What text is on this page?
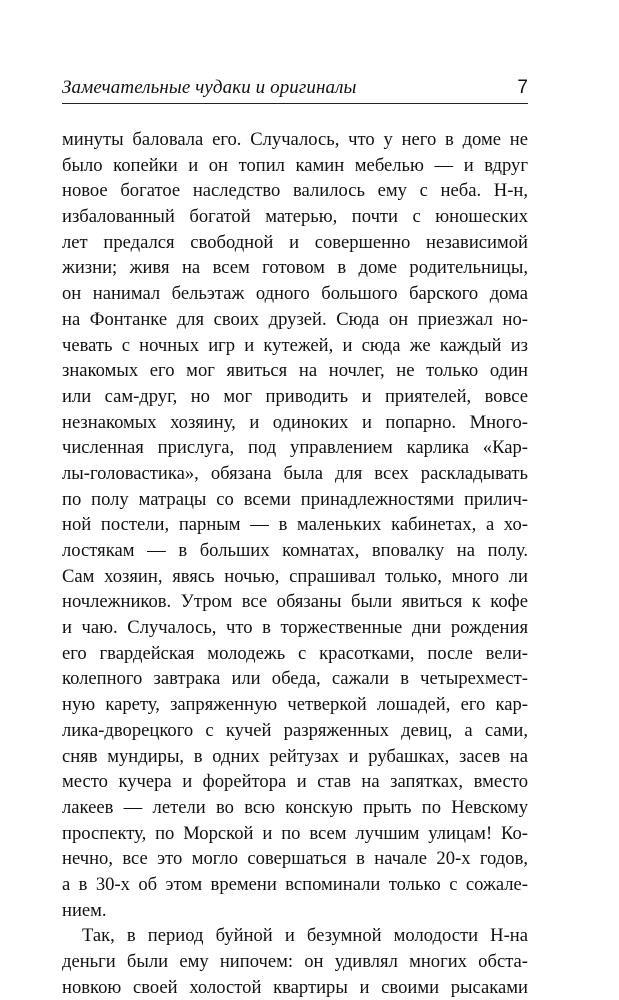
Замечательные чудаки и оригиналы	7
минуты баловала его. Случалось, что у него в доме не
было копейки и он топил камин мебелью — и вдруг
новое богатое наследство валилось ему с неба. Н-н,
избалованный богатой матерью, почти с юношеских
лет предался свободной и совершенно независимой
жизни; живя на всем готовом в доме родительницы,
он нанимал бельэтаж одного большого барского дома
на Фонтанке для своих друзей. Сюда он приезжал но-
чевать с ночных игр и кутежей, и сюда же каждый из
знакомых его мог явиться на ночлег, не только один
или сам-друг, но мог приводить и приятелей, вовсе
незнакомых хозяину, и одиноких и попарно. Много-
численная прислуга, под управлением карлика «Кар-
лы-головастика», обязана была для всех раскладывать
по полу матрацы со всеми принадлежностями прилич-
ной постели, парным — в маленьких кабинетах, а хо-
лостякам — в больших комнатах, вповалку на полу.
Сам хозяин, явясь ночью, спрашивал только, много ли
ночлежников. Утром все обязаны были явиться к кофе
и чаю. Случалось, что в торжественные дни рождения
его гвардейская молодежь с красотками, после вели-
колепного завтрака или обеда, сажали в четырехмест-
ную карету, запряженную четверкой лошадей, его кар-
лика-дворецкого с кучей разряженных девиц, а сами,
сняв мундиры, в одних рейтузах и рубашках, засев на
место кучера и форейтора и став на запятках, вместо
лакеев — летели во всю конскую прыть по Невскому
проспекту, по Морской и по всем лучшим улицам! Ко-
нечно, все это могло совершаться в начале 20-х годов,
а в 30-х об этом времени вспоминали только с сожале-
нием.
Так, в период буйной и безумной молодости Н-на
деньги были ему нипочем: он удивлял многих обста-
новкою своей холостой квартиры и своими рысаками
